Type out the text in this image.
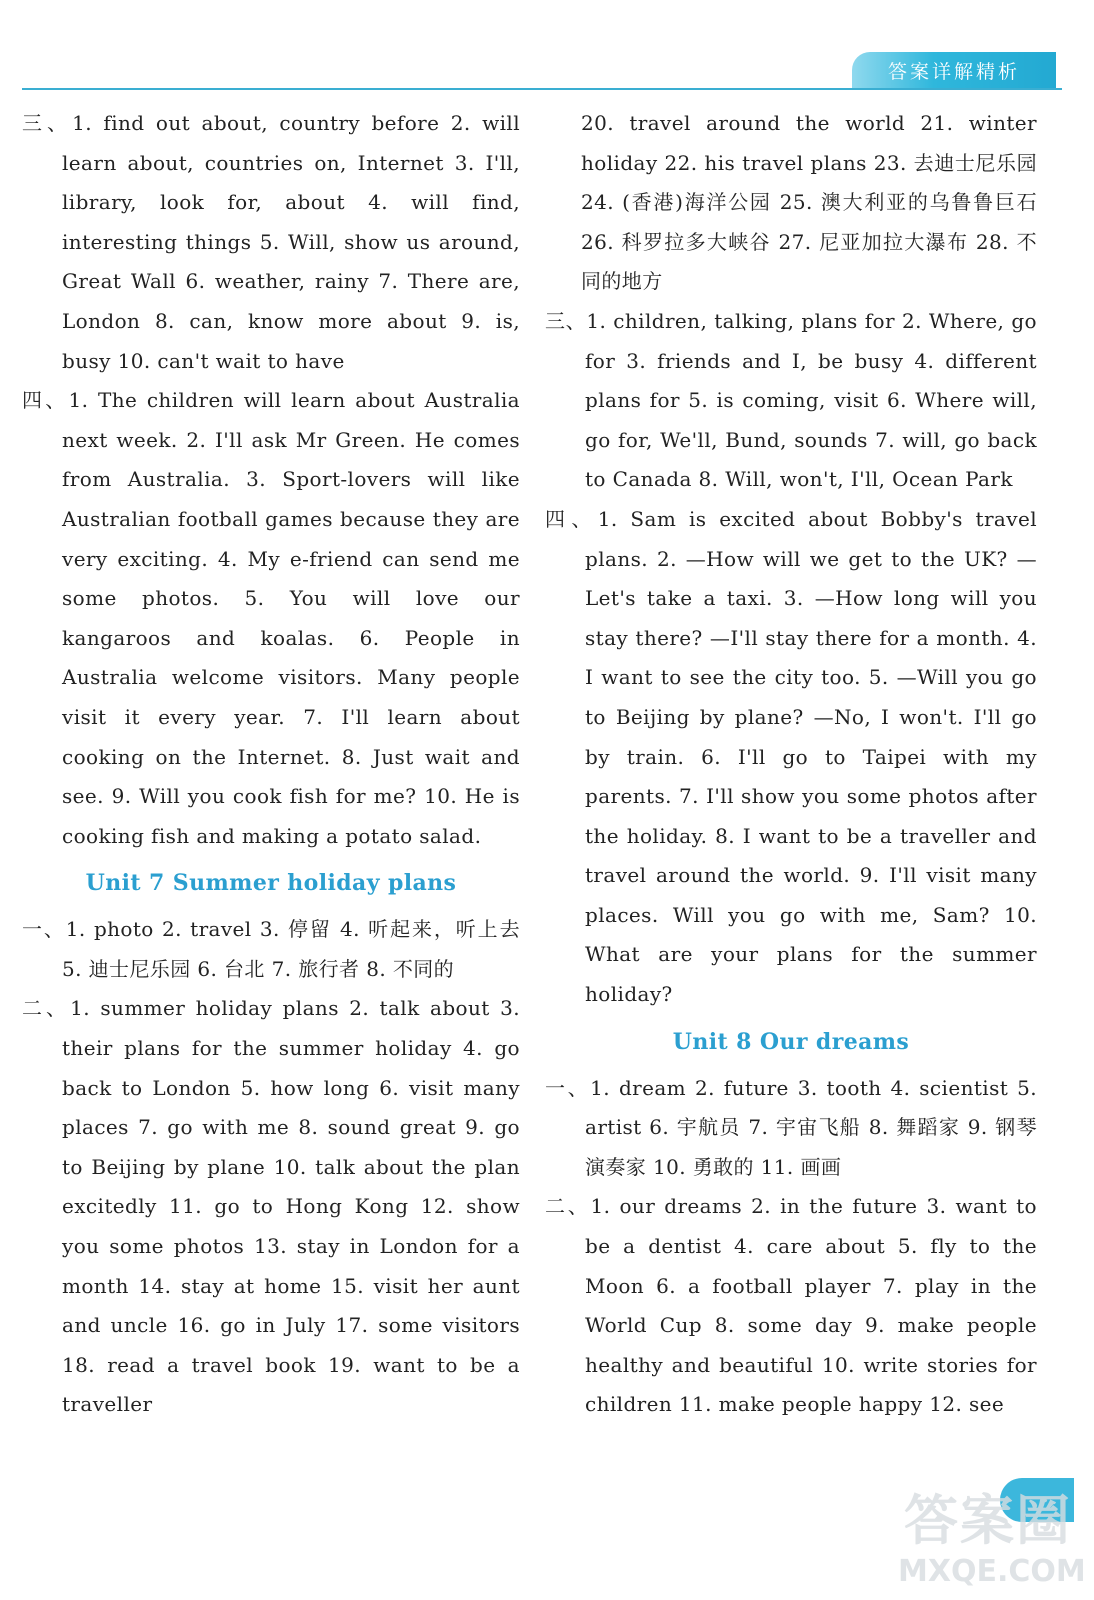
答案详解精析

三、1. find out about, country before 2. will learn about, countries on, Internet 3. I'll, library, look for, about 4. will find, interesting things 5. Will, show us around, Great Wall 6. weather, rainy 7. There are, London 8. can, know more about 9. is, busy 10. can't wait to have

四、1. The children will learn about Australia next week. 2. I'll ask Mr Green. He comes from Australia. 3. Sport-lovers will like Australian football games because they are very exciting. 4. My e-friend can send me some photos. 5. You will love our kangaroos and koalas. 6. People in Australia welcome visitors. Many people visit it every year. 7. I'll learn about cooking on the Internet. 8. Just wait and see. 9. Will you cook fish for me? 10. He is cooking fish and making a potato salad.

Unit 7 Summer holiday plans

一、1. photo 2. travel 3. 停留 4. 听起来，听上去 5. 迪士尼乐园 6. 台北 7. 旅行者 8. 不同的

二、1. summer holiday plans 2. talk about 3. their plans for the summer holiday 4. go back to London 5. how long 6. visit many places 7. go with me 8. sound great 9. go to Beijing by plane 10. talk about the plan excitedly 11. go to Hong Kong 12. show you some photos 13. stay in London for a month 14. stay at home 15. visit her aunt and uncle 16. go in July 17. some visitors 18. read a travel book 19. want to be a traveller

20. travel around the world 21. winter holiday 22. his travel plans 23. 去迪士尼乐园 24. (香港)海洋公园 25. 澳大利亚的乌鲁鲁巨石 26. 科罗拉多大峡谷 27. 尼亚加拉大瀑布 28. 不同的地方

三、1. children, talking, plans for 2. Where, go for 3. friends and I, be busy 4. different plans for 5. is coming, visit 6. Where will, go for, We'll, Bund, sounds 7. will, go back to Canada 8. Will, won't, I'll, Ocean Park

四、1. Sam is excited about Bobby's travel plans. 2. —How will we get to the UK? —Let's take a taxi. 3. —How long will you stay there? —I'll stay there for a month. 4. I want to see the city too. 5. —Will you go to Beijing by plane? —No, I won't. I'll go by train. 6. I'll go to Taipei with my parents. 7. I'll show you some photos after the holiday. 8. I want to be a traveller and travel around the world. 9. I'll visit many places. Will you go with me, Sam? 10. What are your plans for the summer holiday?

Unit 8 Our dreams

一、1. dream 2. future 3. tooth 4. scientist 5. artist 6. 宇航员 7. 宇宙飞船 8. 舞蹈家 9. 钢琴演奏家 10. 勇敢的 11. 画画

二、1. our dreams 2. in the future 3. want to be a dentist 4. care about 5. fly to the Moon 6. a football player 7. play in the World Cup 8. some day 9. make people healthy and beautiful 10. write stories for children 11. make people happy 12. see

答案圈
MXQE.COM
